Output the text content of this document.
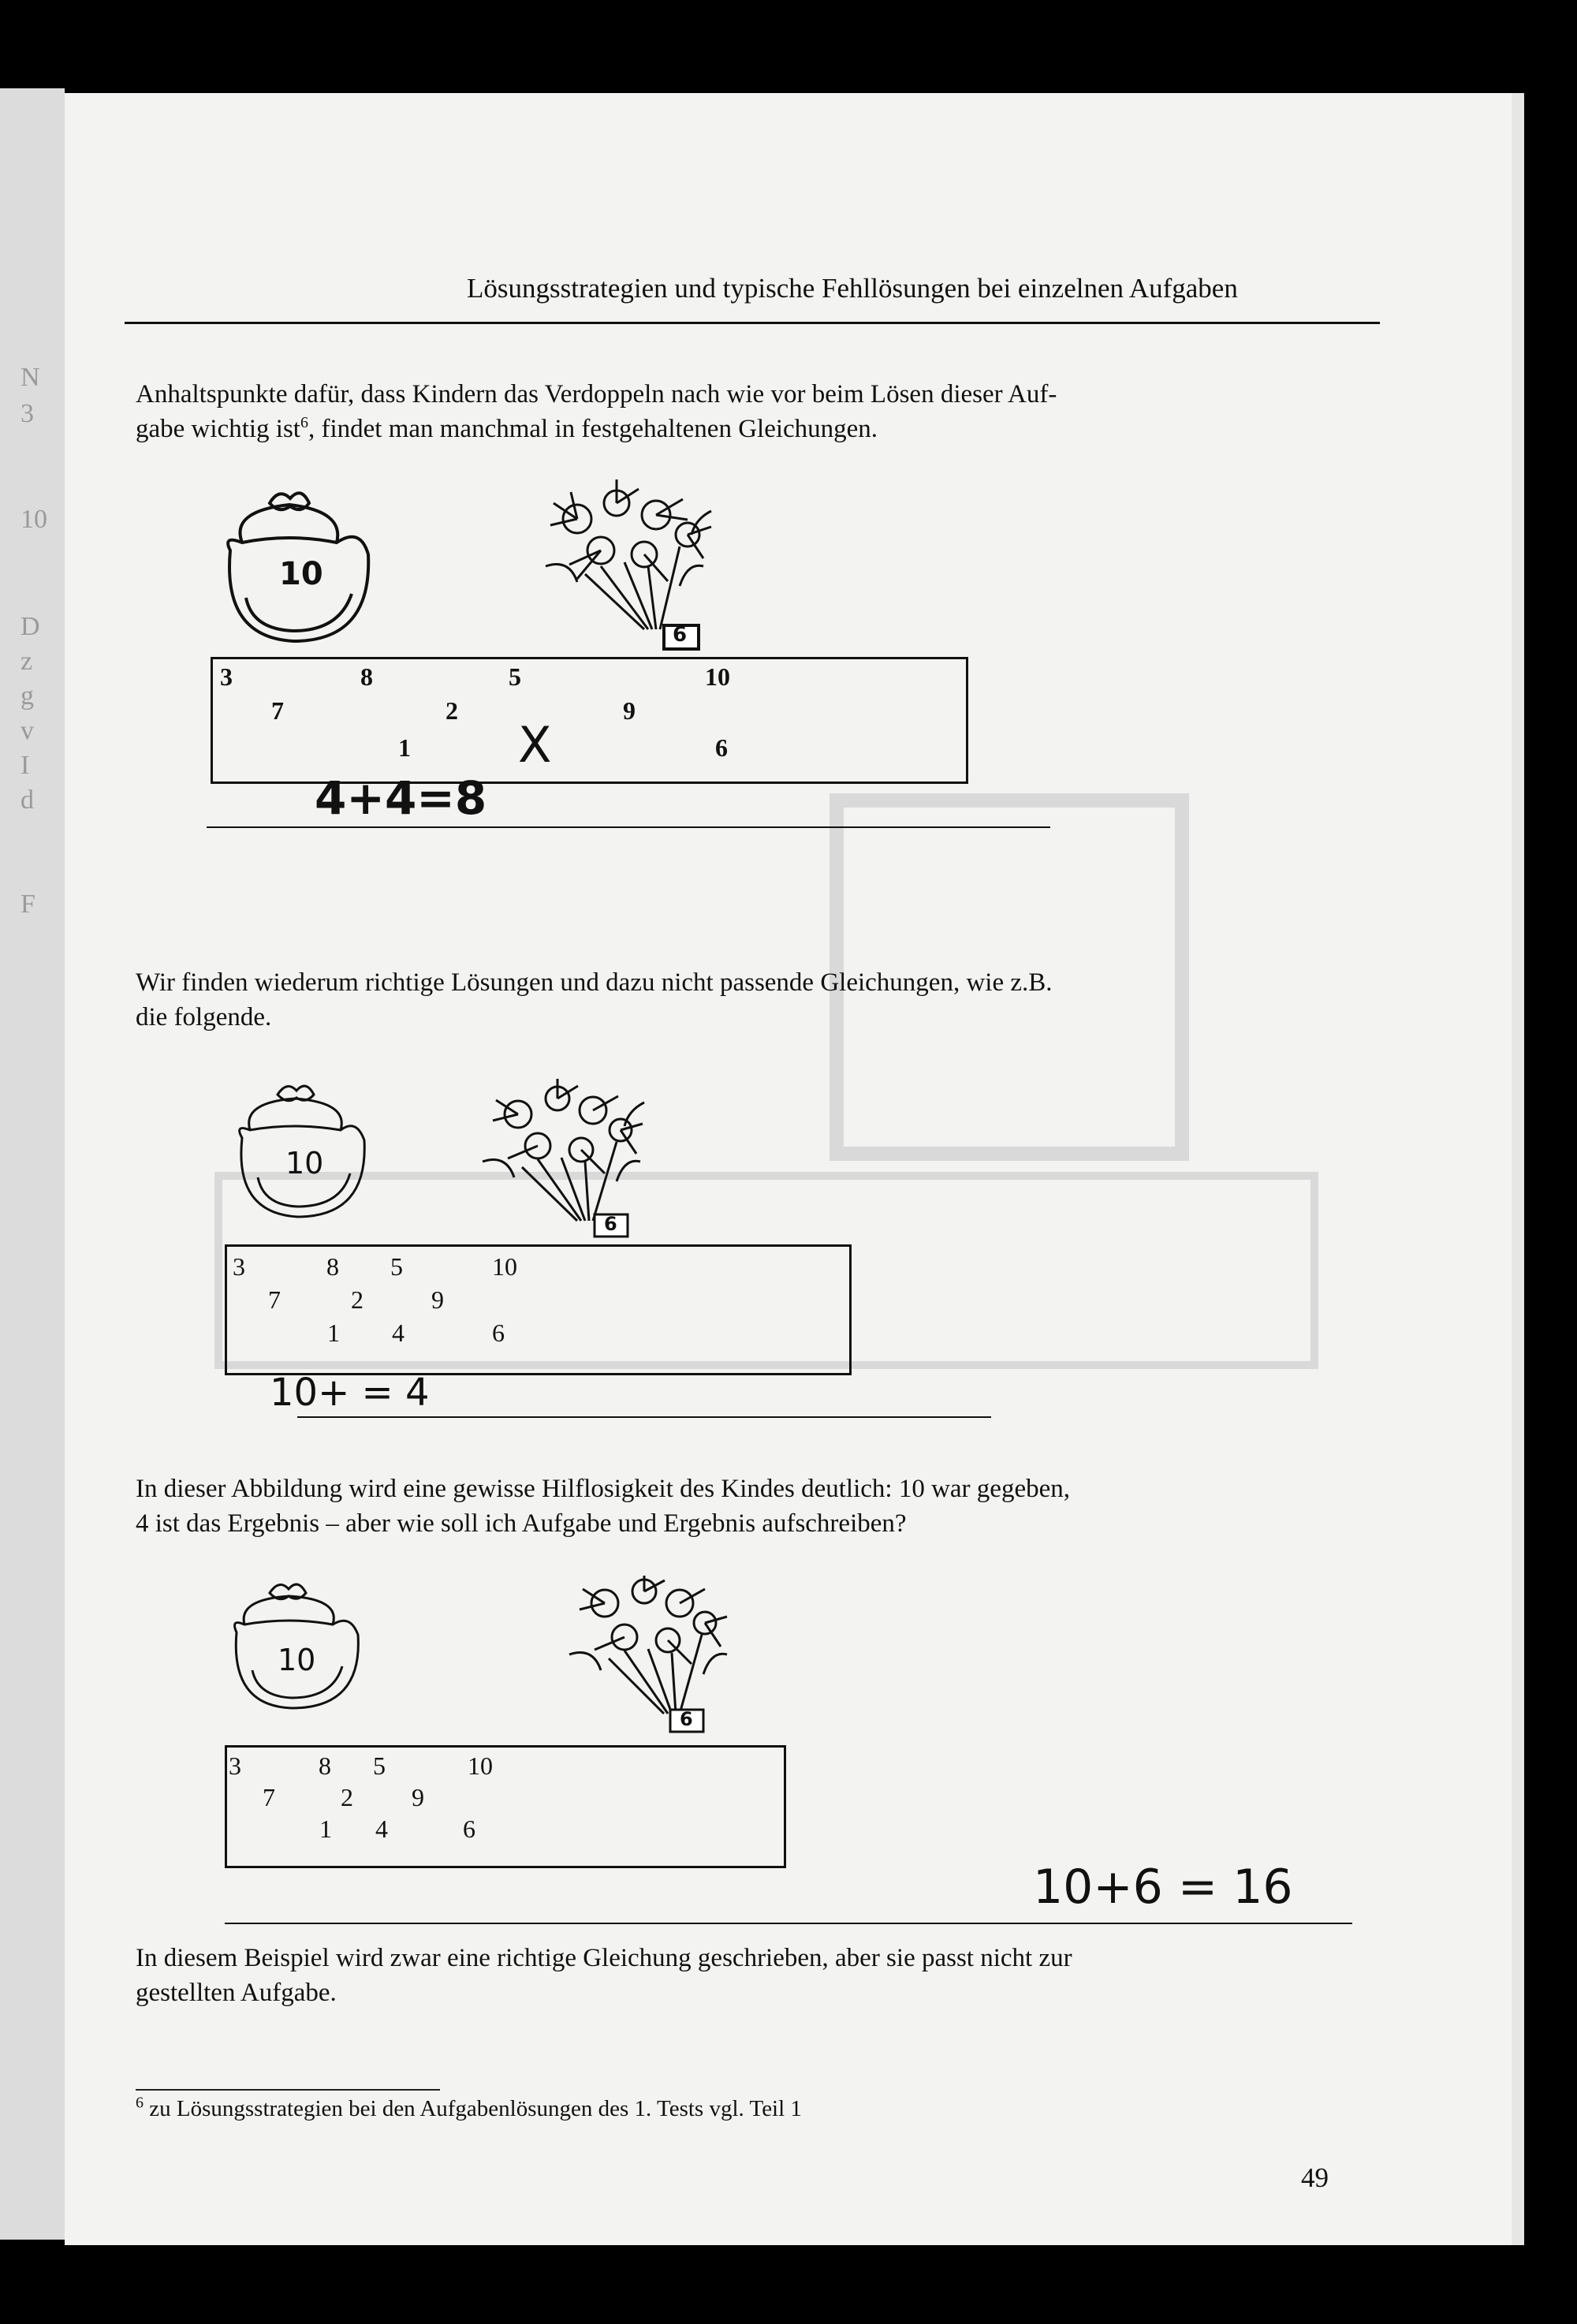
N
3
10
D
z
g
v
I
d
F
Lösungsstrategien und typische Fehllösungen bei einzelnen Aufgaben
Anhaltspunkte dafür, dass Kindern das Verdoppeln nach wie vor beim Lösen dieser Auf-
gabe wichtig ist$^6$, findet man manchmal in festgehaltenen Gleichungen.
10
6
3	8	5	10
7	2	9
1	6
X
4+4=8
Wir finden wiederum richtige Lösungen und dazu nicht passende Gleichungen, wie z.B.
die folgende.
10
6
3	8 5	10
7	2	9
1 4	6
10+ = 4
In dieser Abbildung wird eine gewisse Hilflosigkeit des Kindes deutlich: 10 war gegeben,
4 ist das Ergebnis – aber wie soll ich Aufgabe und Ergebnis aufschreiben?
10
6
3	8 5	10
7	2 9
1 4	6
10+6 = 16
In diesem Beispiel wird zwar eine richtige Gleichung geschrieben, aber sie passt nicht zur
gestellten Aufgabe.
$^6$ zu Lösungsstrategien bei den Aufgabenlösungen des 1. Tests vgl. Teil 1
49
